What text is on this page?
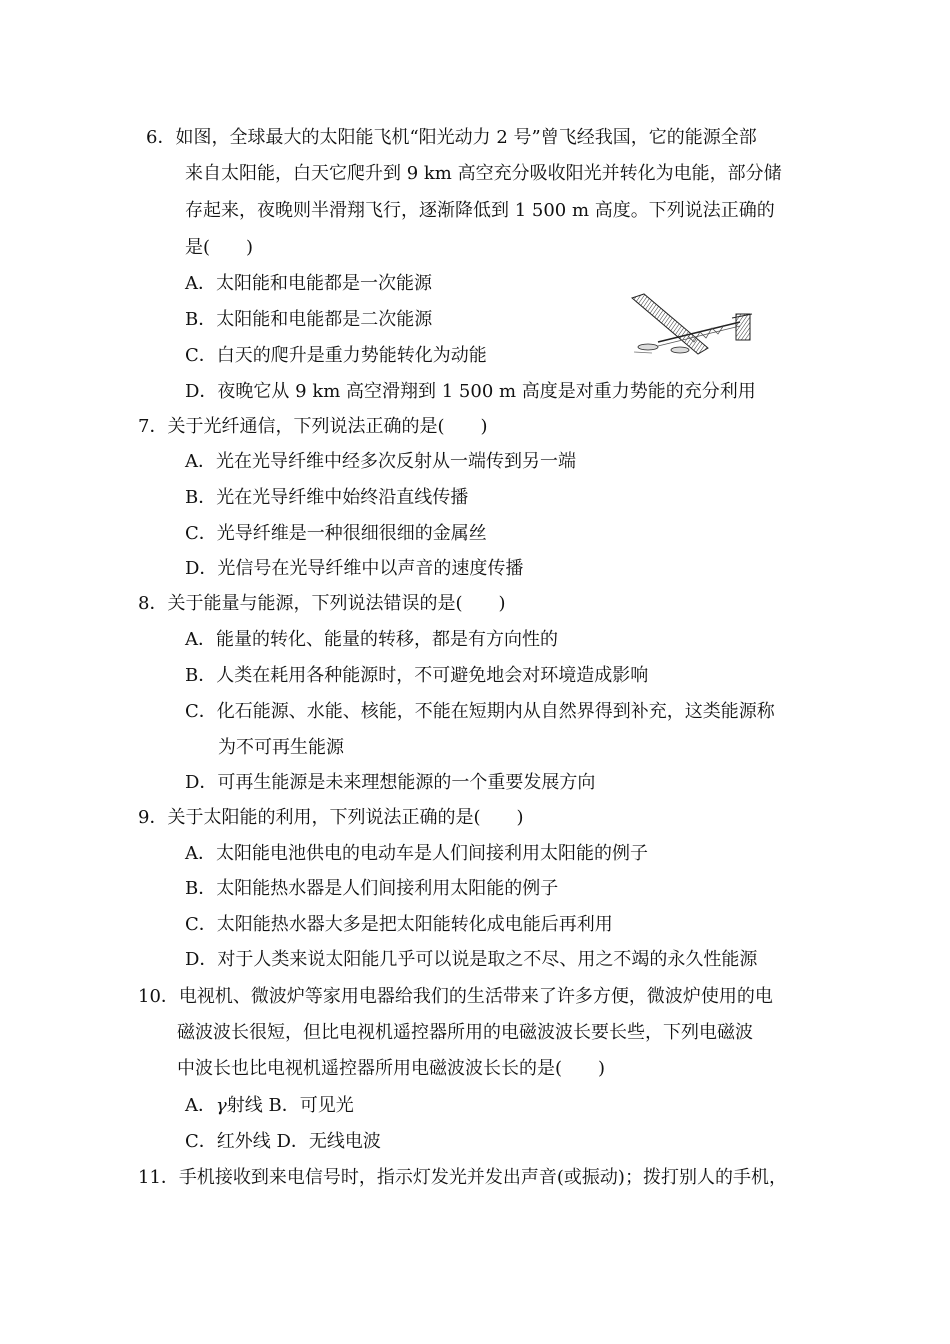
6．如图，全球最大的太阳能飞机“阳光动力 2 号”曾飞经我国，它的能源全部
来自太阳能，白天它爬升到 9 km 高空充分吸收阳光并转化为电能，部分储
存起来，夜晚则半滑翔飞行，逐渐降低到 1 500 m 高度。下列说法正确的
是(　　)
A．太阳能和电能都是一次能源
B．太阳能和电能都是二次能源
C．白天的爬升是重力势能转化为动能
D．夜晚它从 9 km 高空滑翔到 1 500 m 高度是对重力势能的充分利用
7．关于光纤通信，下列说法正确的是(　　)
A．光在光导纤维中经多次反射从一端传到另一端
B．光在光导纤维中始终沿直线传播
C．光导纤维是一种很细很细的金属丝
D．光信号在光导纤维中以声音的速度传播
8．关于能量与能源，下列说法错误的是(　　)
A．能量的转化、能量的转移，都是有方向性的
B．人类在耗用各种能源时，不可避免地会对环境造成影响
C．化石能源、水能、核能，不能在短期内从自然界得到补充，这类能源称
为不可再生能源
D．可再生能源是未来理想能源的一个重要发展方向
9．关于太阳能的利用，下列说法正确的是(　　)
A．太阳能电池供电的电动车是人们间接利用太阳能的例子
B．太阳能热水器是人们间接利用太阳能的例子
C．太阳能热水器大多是把太阳能转化成电能后再利用
D．对于人类来说太阳能几乎可以说是取之不尽、用之不竭的永久性能源
10．电视机、微波炉等家用电器给我们的生活带来了许多方便，微波炉使用的电
磁波波长很短，但比电视机遥控器所用的电磁波波长要长些，下列电磁波
中波长也比电视机遥控器所用电磁波波长长的是(　　)
A．γ射线 B．可见光
C．红外线 D．无线电波
11．手机接收到来电信号时，指示灯发光并发出声音(或振动)；拨打别人的手机，
